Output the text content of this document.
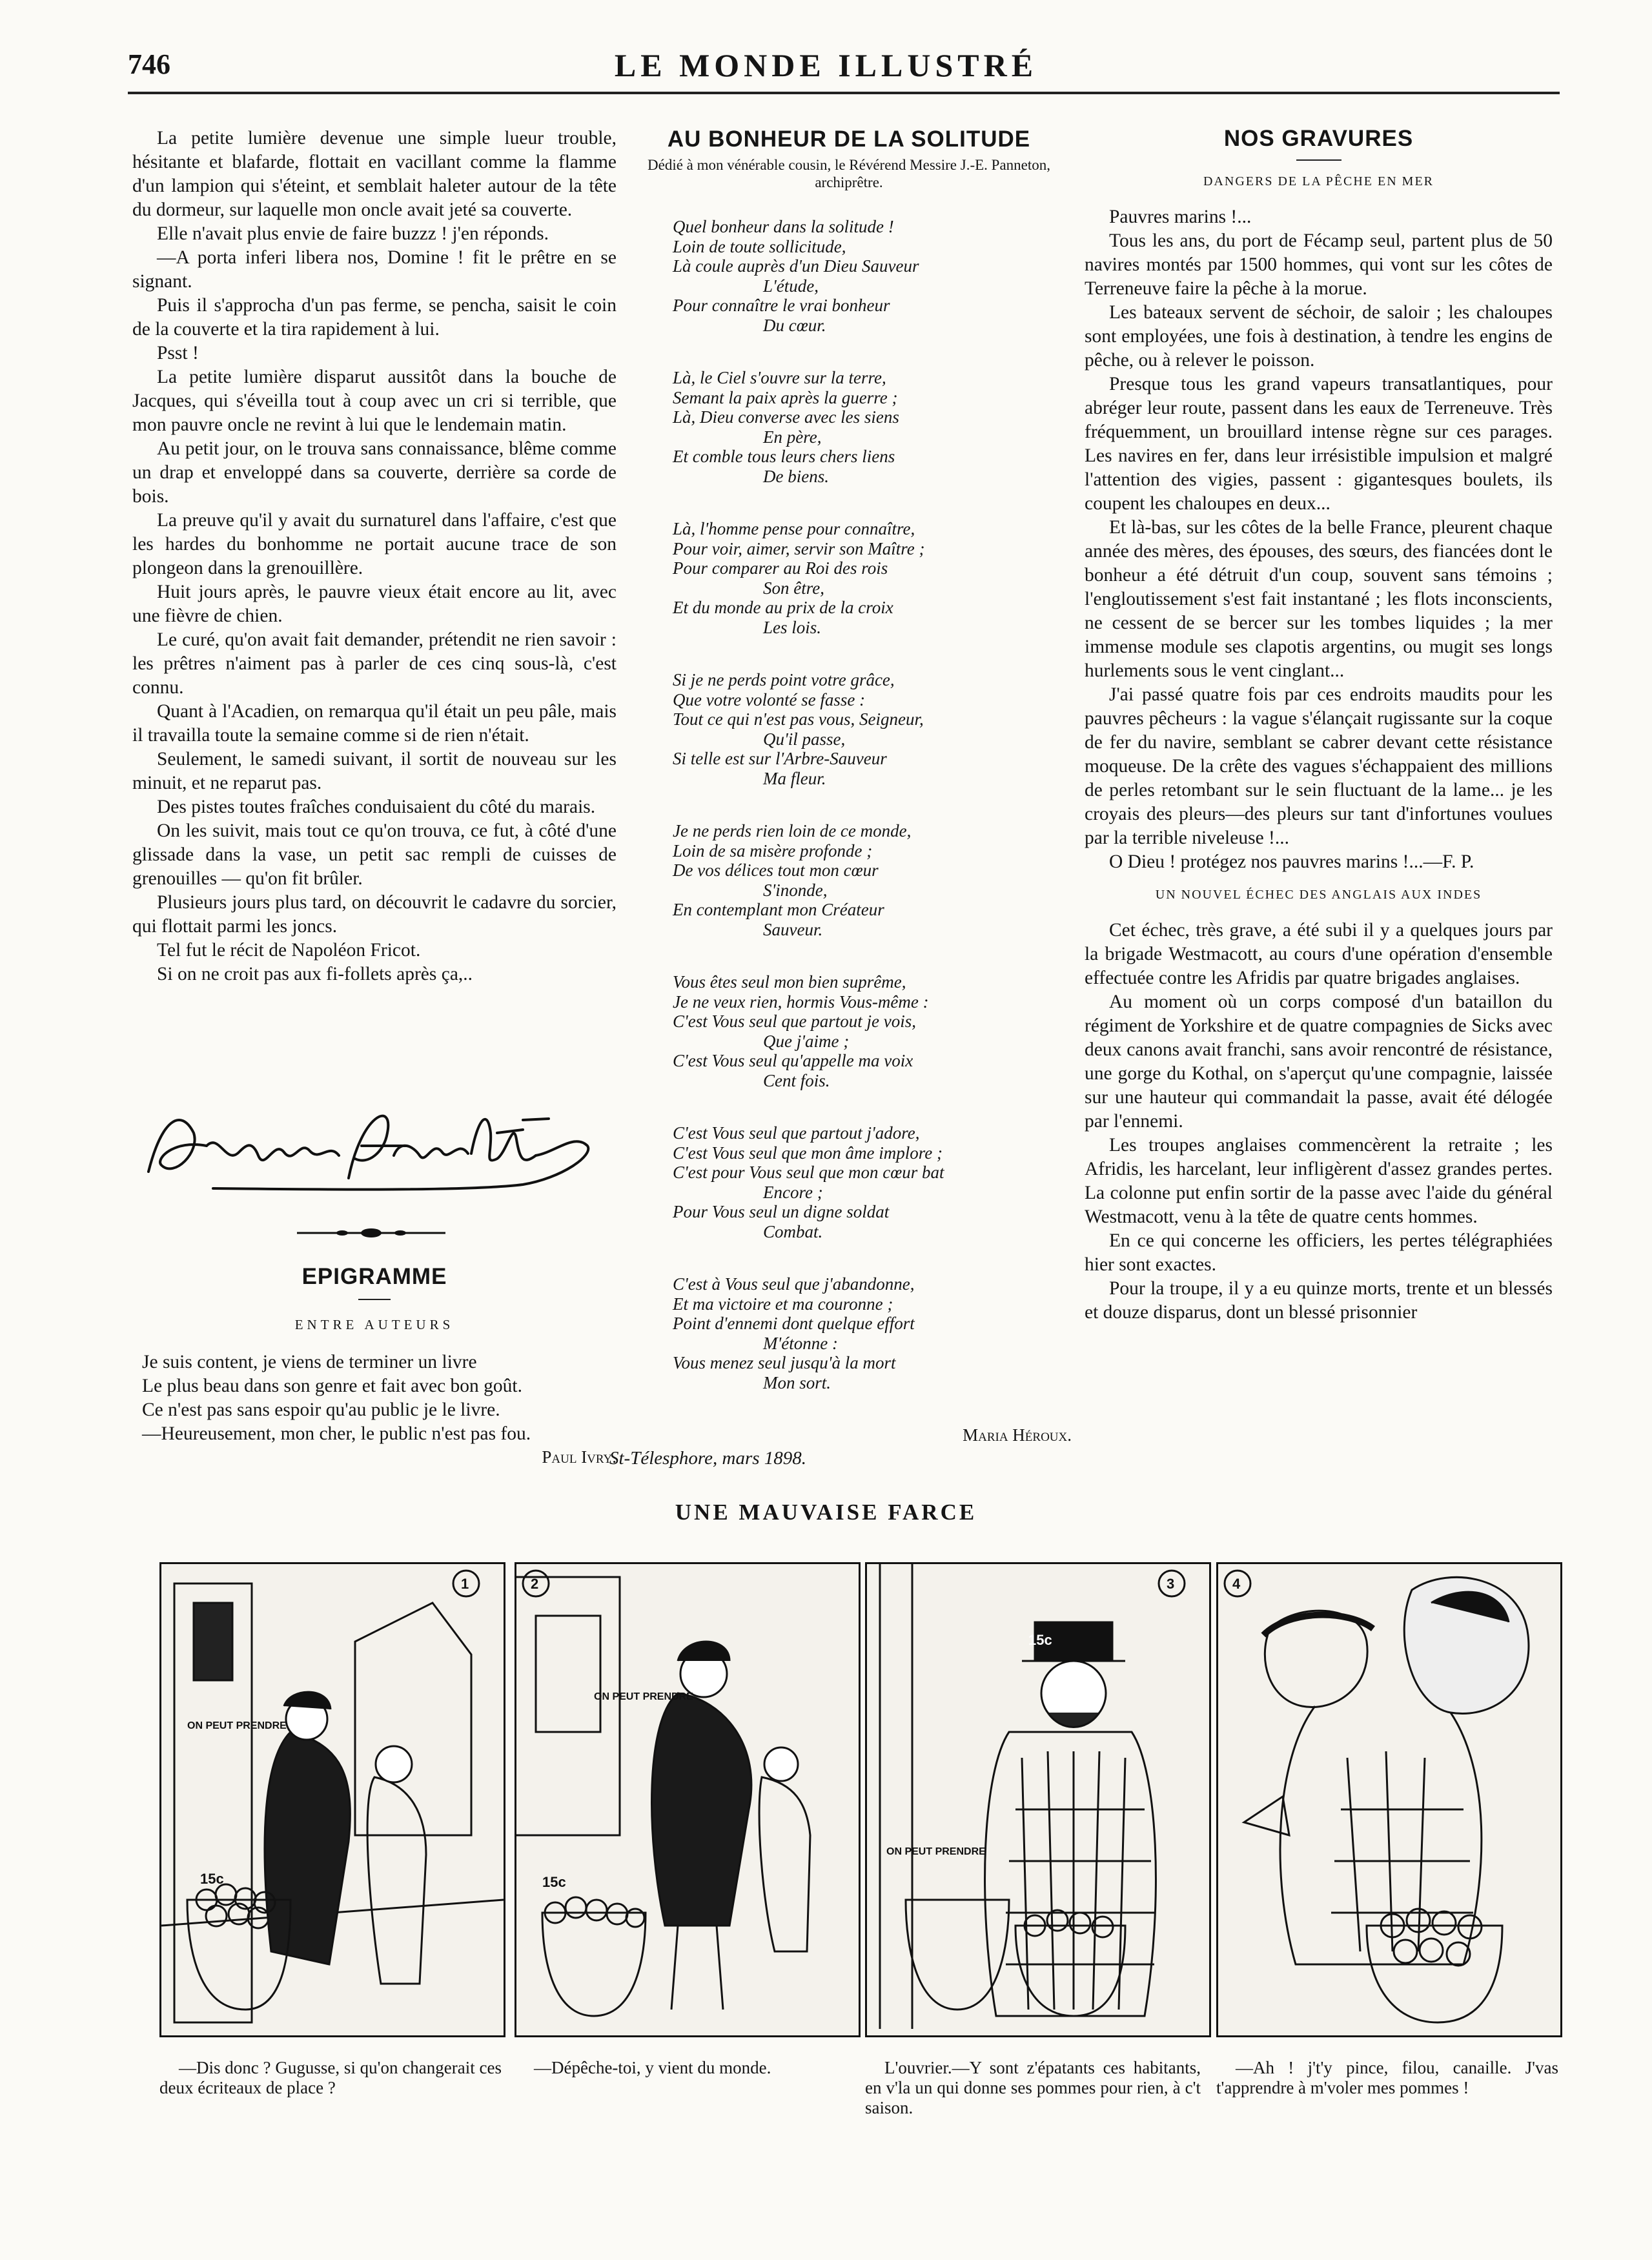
746	LE MONDE ILLUSTRÉ

La petite lumière devenue une simple lueur trouble, hésitante et blafarde, flottait en vacillant comme la flamme d'un lampion qui s'éteint, et semblait haleter autour de la tête du dormeur, sur laquelle mon oncle avait jeté sa couverte.

Elle n'avait plus envie de faire buzzz ! j'en réponds.

—A porta inferi libera nos, Domine ! fit le prêtre en se signant.

Puis il s'approcha d'un pas ferme, se pencha, saisit le coin de la couverte et la tira rapidement à lui.

Psst !

La petite lumière disparut aussitôt dans la bouche de Jacques, qui s'éveilla tout à coup avec un cri si terrible, que mon pauvre oncle ne revint à lui que le lendemain matin.

Au petit jour, on le trouva sans connaissance, blême comme un drap et enveloppé dans sa couverte, derrière sa corde de bois.

La preuve qu'il y avait du surnaturel dans l'affaire, c'est que les hardes du bonhomme ne portait aucune trace de son plongeon dans la grenouillère.

Huit jours après, le pauvre vieux était encore au lit, avec une fièvre de chien.

Le curé, qu'on avait fait demander, prétendit ne rien savoir : les prêtres n'aiment pas à parler de ces cinq sous-là, c'est connu.

Quant à l'Acadien, on remarqua qu'il était un peu pâle, mais il travailla toute la semaine comme si de rien n'était.

Seulement, le samedi suivant, il sortit de nouveau sur les minuit, et ne reparut pas.

Des pistes toutes fraîches conduisaient du côté du marais.

On les suivit, mais tout ce qu'on trouva, ce fut, à côté d'une glissade dans la vase, un petit sac rempli de cuisses de grenouilles — qu'on fit brûler.

Plusieurs jours plus tard, on découvrit le cadavre du sorcier, qui flottait parmi les joncs.

Tel fut le récit de Napoléon Fricot.

Si on ne croit pas aux fi-follets après ça,..

EPIGRAMME
ENTRE AUTEURS
Je suis content, je viens de terminer un livre
Le plus beau dans son genre et fait avec bon goût.
Ce n'est pas sans espoir qu'au public je le livre.
—Heureusement, mon cher, le public n'est pas fou.
Paul Ivry.
AU BONHEUR DE LA SOLITUDE
Dédié à mon vénérable cousin, le Révérend Messire J.-E. Panneton, archiprêtre.
Quel bonheur dans la solitude !
Loin de toute sollicitude,
Là coule auprès d'un Dieu Sauveur
L'étude,
Pour connaître le vrai bonheur
Du cœur.
Là, le Ciel s'ouvre sur la terre,
Semant la paix après la guerre ;
Là, Dieu converse avec les siens
En père,
Et comble tous leurs chers liens
De biens.
Là, l'homme pense pour connaître,
Pour voir, aimer, servir son Maître ;
Pour comparer au Roi des rois
Son être,
Et du monde au prix de la croix
Les lois.
Si je ne perds point votre grâce,
Que votre volonté se fasse :
Tout ce qui n'est pas vous, Seigneur,
Qu'il passe,
Si telle est sur l'Arbre-Sauveur
Ma fleur.
Je ne perds rien loin de ce monde,
Loin de sa misère profonde ;
De vos délices tout mon cœur
S'inonde,
En contemplant mon Créateur
Sauveur.
Vous êtes seul mon bien suprême,
Je ne veux rien, hormis Vous-même :
C'est Vous seul que partout je vois,
Que j'aime ;
C'est Vous seul qu'appelle ma voix
Cent fois.
C'est Vous seul que partout j'adore,
C'est Vous seul que mon âme implore ;
C'est pour Vous seul que mon cœur bat
Encore ;
Pour Vous seul un digne soldat
Combat.
C'est à Vous seul que j'abandonne,
Et ma victoire et ma couronne ;
Point d'ennemi dont quelque effort
M'étonne :
Vous menez seul jusqu'à la mort
Mon sort.
Maria Héroux.
St-Télesphore, mars 1898.
NOS GRAVURES
DANGERS DE LA PÊCHE EN MER

Pauvres marins !...

Tous les ans, du port de Fécamp seul, partent plus de 50 navires montés par 1500 hommes, qui vont sur les côtes de Terreneuve faire la pêche à la morue.

Les bateaux servent de séchoir, de saloir ; les chaloupes sont employées, une fois à destination, à tendre les engins de pêche, ou à relever le poisson.

Presque tous les grand vapeurs transatlantiques, pour abréger leur route, passent dans les eaux de Terreneuve. Très fréquemment, un brouillard intense règne sur ces parages. Les navires en fer, dans leur irrésistible impulsion et malgré l'attention des vigies, passent : gigantesques boulets, ils coupent les chaloupes en deux...

Et là-bas, sur les côtes de la belle France, pleurent chaque année des mères, des épouses, des sœurs, des fiancées dont le bonheur a été détruit d'un coup, souvent sans témoins ; l'engloutissement s'est fait instantané ; les flots inconscients, ne cessent de se bercer sur les tombes liquides ; la mer immense module ses clapotis argentins, ou mugit ses longs hurlements sous le vent cinglant...

J'ai passé quatre fois par ces endroits maudits pour les pauvres pêcheurs : la vague s'élançait rugissante sur la coque de fer du navire, semblant se cabrer devant cette résistance moqueuse. De la crête des vagues s'échappaient des millions de perles retombant sur le sein fluctuant de la lame... je les croyais des pleurs—des pleurs sur tant d'infortunes voulues par la terrible niveleuse !...

O Dieu ! protégez nos pauvres marins !...—F. P.

UN NOUVEL ÉCHEC DES ANGLAIS AUX INDES

Cet échec, très grave, a été subi il y a quelques jours par la brigade Westmacott, au cours d'une opération d'ensemble effectuée contre les Afridis par quatre brigades anglaises.

Au moment où un corps composé d'un bataillon du régiment de Yorkshire et de quatre compagnies de Sicks avec deux canons avait franchi, sans avoir rencontré de résistance, une gorge du Kothal, on s'aperçut qu'une compagnie, laissée sur une hauteur qui commandait la passe, avait été délogée par l'ennemi.

Les troupes anglaises commencèrent la retraite ; les Afridis, les harcelant, leur infligèrent d'assez grandes pertes. La colonne put enfin sortir de la passe avec l'aide du général Westmacott, venu à la tête de quatre cents hommes.

En ce qui concerne les officiers, les pertes télégraphiées hier sont exactes.

Pour la troupe, il y a eu quinze morts, trente et un blessés et douze disparus, dont un blessé prisonnier

UNE MAUVAISE FARCE
1
ON PEUT PRENDRE
15c
2
ON PEUT PRENDRE
15c
3
ON PEUT PRENDRE
15c
4

—Dis donc ? Gugusse, si qu'on changerait ces deux écriteaux de place ?

—Dépêche-toi, y vient du monde.	L'ouvrier.—Y sont z'épatants ces habitants, en v'la un qui donne ses pommes pour rien, à c't saison.

—Ah ! j't'y pince, filou, canaille. J'vas t'apprendre à m'voler mes pommes !
